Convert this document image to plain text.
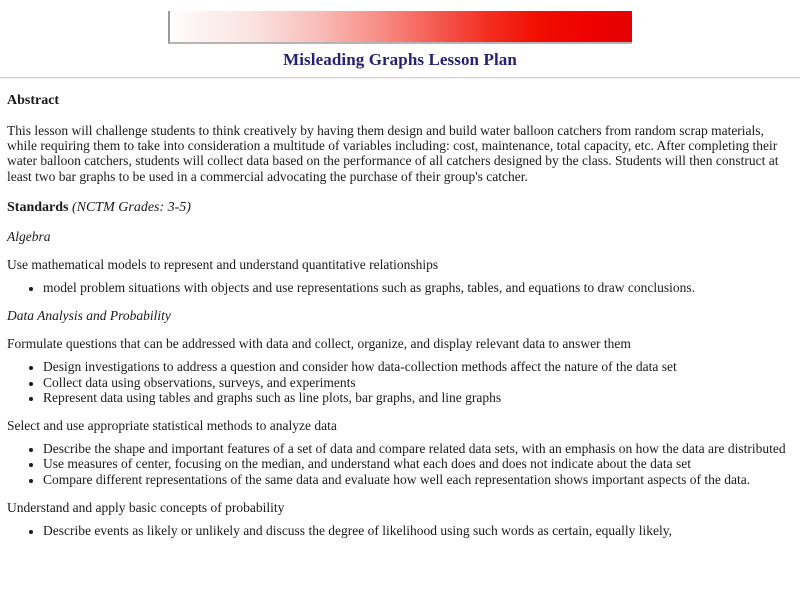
Misleading Graphs Lesson Plan
Abstract

This lesson will challenge students to think creatively by having them design and build water balloon catchers from random scrap materials, while requiring them to take into consideration a multitude of variables including: cost, maintenance, total capacity, etc. After completing their water balloon catchers, students will collect data based on the performance of all catchers designed by the class. Students will then construct at least two bar graphs to be used in a commercial advocating the purchase of their group's catcher.

Standards (NCTM Grades: 3-5)

Algebra

Use mathematical models to represent and understand quantitative relationships

• model problem situations with objects and use representations such as graphs, tables, and equations to draw conclusions.

Data Analysis and Probability

Formulate questions that can be addressed with data and collect, organize, and display relevant data to answer them

• Design investigations to address a question and consider how data-collection methods affect the nature of the data set
• Collect data using observations, surveys, and experiments
• Represent data using tables and graphs such as line plots, bar graphs, and line graphs

Select and use appropriate statistical methods to analyze data

• Describe the shape and important features of a set of data and compare related data sets, with an emphasis on how the data are distributed
• Use measures of center, focusing on the median, and understand what each does and does not indicate about the data set
• Compare different representations of the same data and evaluate how well each representation shows important aspects of the data.

Understand and apply basic concepts of probability

• Describe events as likely or unlikely and discuss the degree of likelihood using such words as certain, equally likely,
